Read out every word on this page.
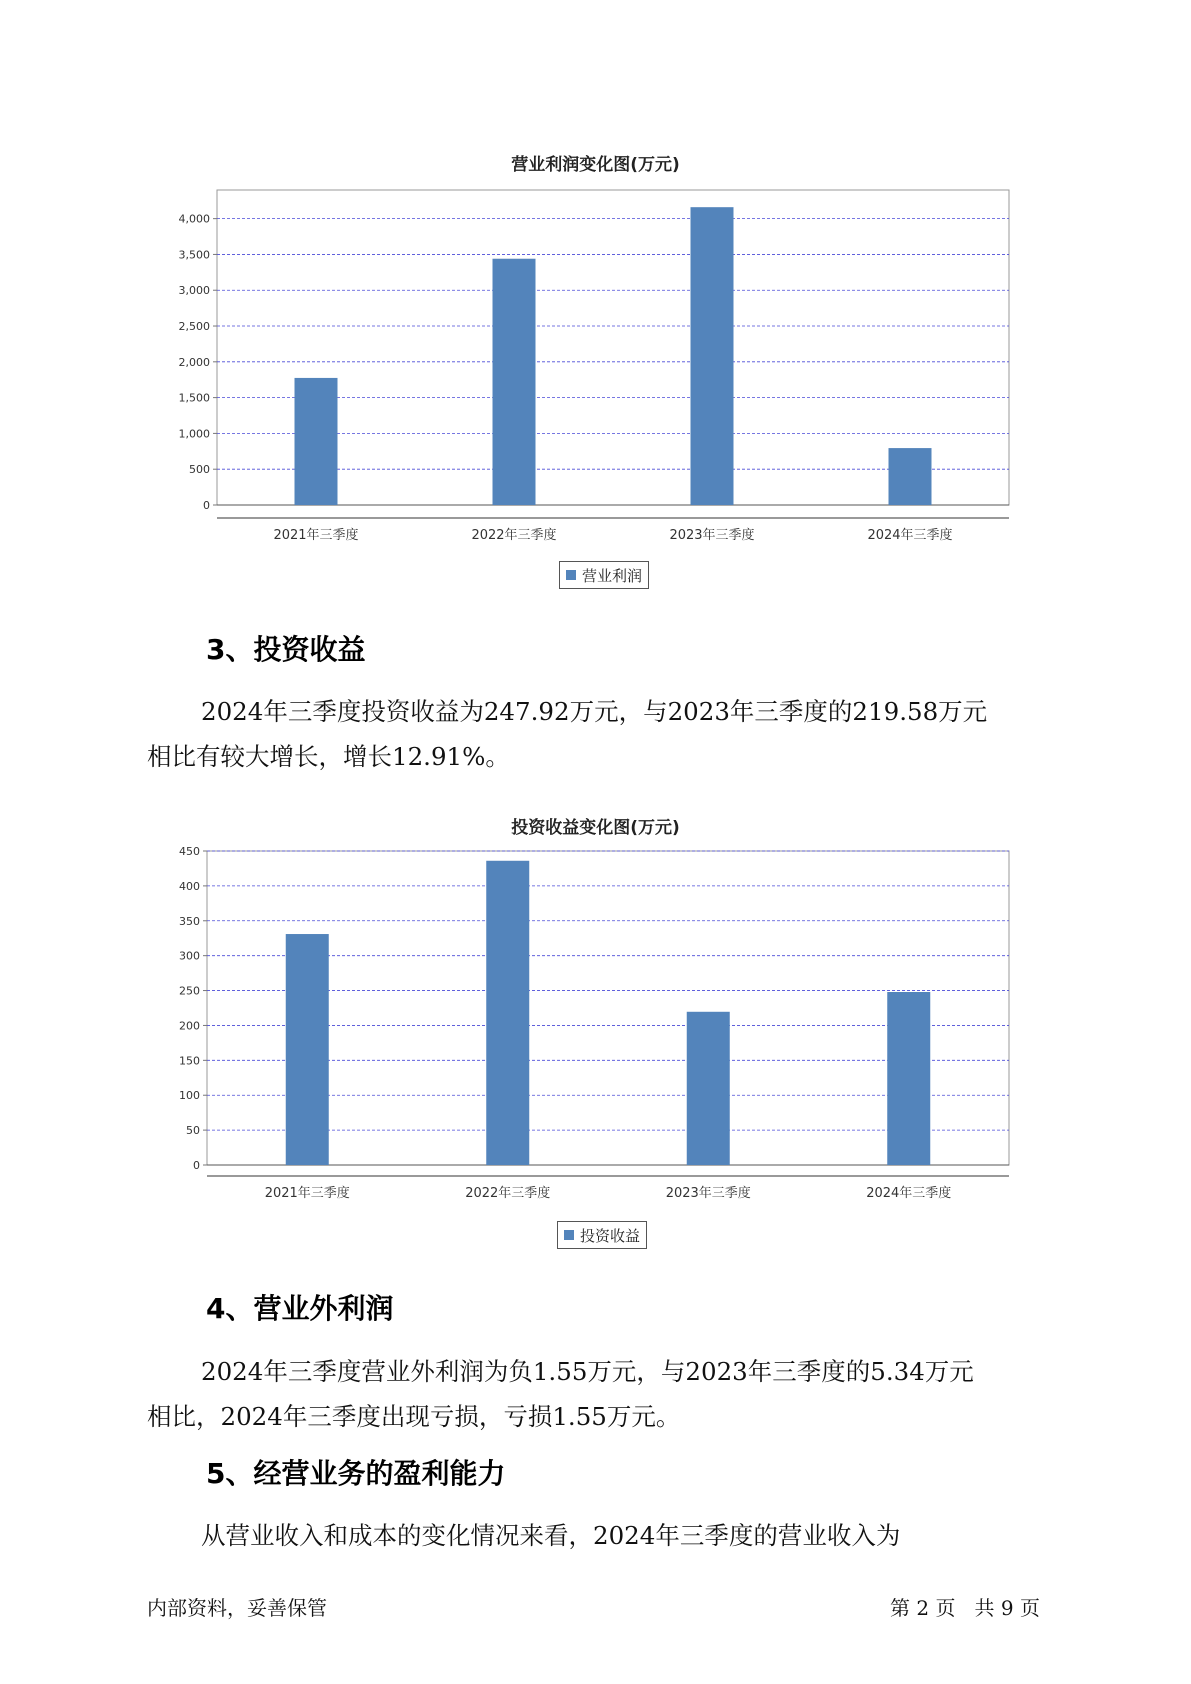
营业利润变化图(万元)
0
500
1,000
1,500
2,000
2,500
3,000
3,500
4,000
2021年三季度	2022年三季度	2023年三季度	2024年三季度
营业利润
3、投资收益
2024年三季度投资收益为247.92万元，与2023年三季度的219.58万元
相比有较大增长，增长12.91%。
投资收益变化图(万元)
0
50
100
150
200
250
300
350
400
450
2021年三季度	2022年三季度	2023年三季度	2024年三季度
投资收益
4、营业外利润
2024年三季度营业外利润为负1.55万元，与2023年三季度的5.34万元
相比，2024年三季度出现亏损，亏损1.55万元。
5、经营业务的盈利能力
从营业收入和成本的变化情况来看，2024年三季度的营业收入为
内部资料，妥善保管	第 2 页   共 9 页
